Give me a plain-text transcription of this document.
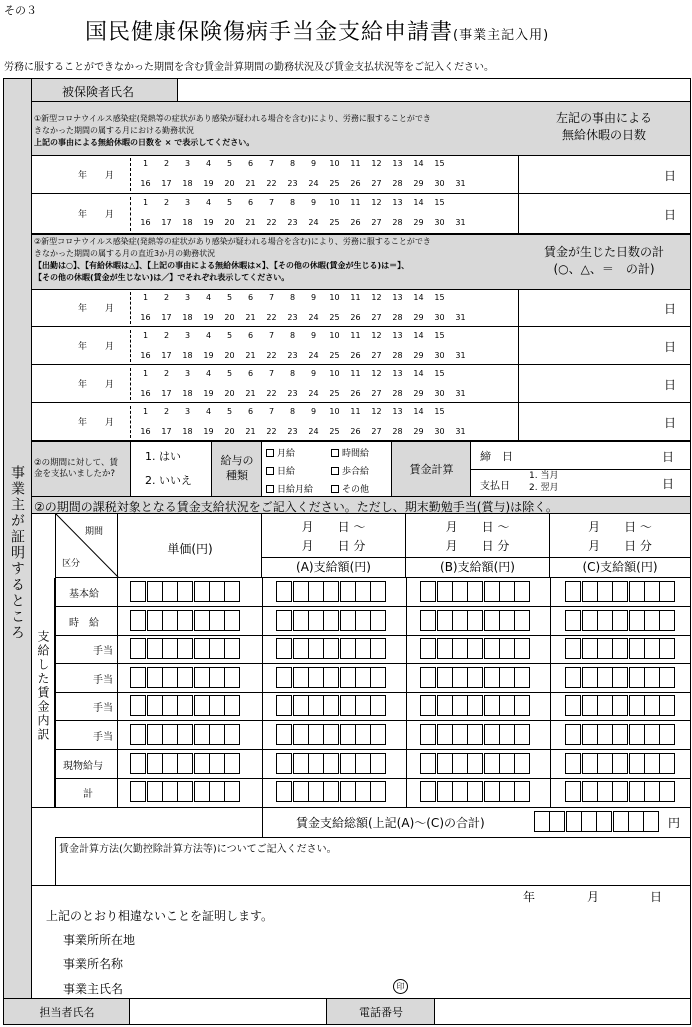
その３
国民健康保険傷病手当金支給申請書(事業主記入用)
労務に服することができなかった期間を含む賃金計算期間の勤務状況及び賃金支払状況等をご記入ください。
事業主が証明するところ
被保険者氏名
①新型コロナウイルス感染症(発熱等の症状があり感染が疑われる場合を含む)により、労務に服することができ
きなかった期間の属する月における勤務状況
上記の事由による無給休暇の日数を × で表示してください。
左記の事由による
無給休暇の日数
年　　月
1	2	3	4	5	6	7	8	9	10	11	12	13	14	15
16	17	18	19	20	21	22	23	24	25	26	27	28	29	30	31
日
年　　月
1	2	3	4	5	6	7	8	9	10	11	12	13	14	15
16	17	18	19	20	21	22	23	24	25	26	27	28	29	30	31
日
年　　月
1	2	3	4	5	6	7	8	9	10	11	12	13	14	15
16	17	18	19	20	21	22	23	24	25	26	27	28	29	30	31
日
年　　月
1	2	3	4	5	6	7	8	9	10	11	12	13	14	15
16	17	18	19	20	21	22	23	24	25	26	27	28	29	30	31
日
年　　月
1	2	3	4	5	6	7	8	9	10	11	12	13	14	15
16	17	18	19	20	21	22	23	24	25	26	27	28	29	30	31
日
年　　月
1	2	3	4	5	6	7	8	9	10	11	12	13	14	15
16	17	18	19	20	21	22	23	24	25	26	27	28	29	30	31
日
②新型コロナウイルス感染症(発熱等の症状があり感染が疑われる場合を含む)により、労務に服することができ
きなかった期間の属する月の直近3か月の勤務状況
【出勤は○】、【有給休暇は△】、【上記の事由による無給休暇は×】、【その他の休暇(賃金が生じる)は＝】、
【その他の休暇(賃金が生じない)は／】でそれぞれ表示してください。
賃金が生じた日数の計
(○、△、＝　の計)
②の期間に対して、賃
金を支払いましたか?
1. はい
2. いいえ
給与の
種類
月給	時間給
日給	歩合給
日給月給	その他
賃金計算
締　日	日
支払日
1. 当月
2. 翌月	日
②の期間の課税対象となる賃金支給状況をご記入ください。ただし、期末勤勉手当(賞与)は除く。
期間
区分
単価(円)
月　　日 〜
月　　日 分
(A)支給額(円)
月　　日 〜
月　　日 分
(B)支給額(円)
月　　日 〜
月　　日 分
(C)支給額(円)
支給した賃金内訳
基本給
時　給
手当
手当
手当
手当
現物給与
計
賃金支給総額(上記(A)〜(C)の合計)	円
賃金計算方法(欠勤控除計算方法等)についてご記入ください。
年	月	日
上記のとおり相違ないことを証明します。
事業所所在地
事業所名称
事業主氏名	印
担当者氏名	電話番号
